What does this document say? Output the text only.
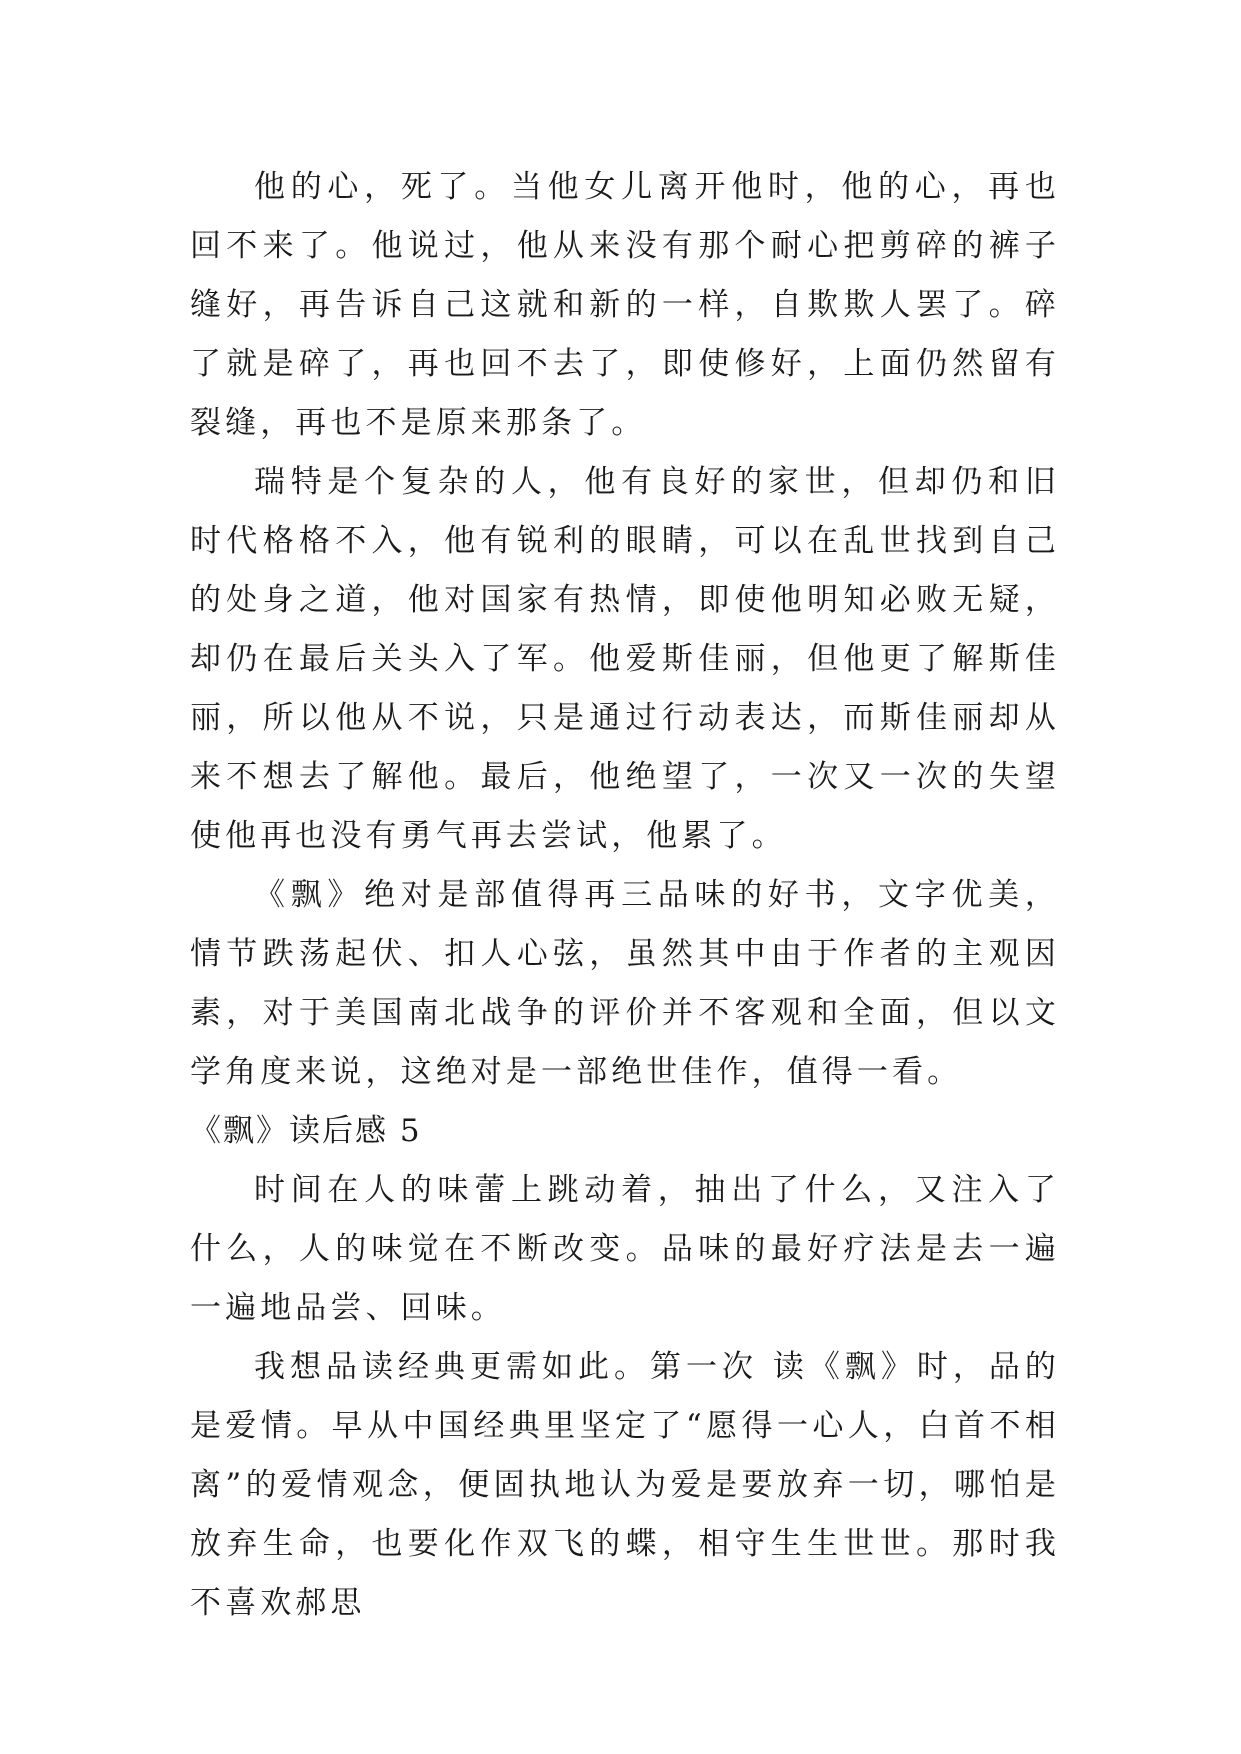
他的心，死了。当他女儿离开他时，他的心，再也回不来了。他说过，他从来没有那个耐心把剪碎的裤子缝好，再告诉自己这就和新的一样，自欺欺人罢了。碎了就是碎了，再也回不去了，即使修好，上面仍然留有裂缝，再也不是原来那条了。

瑞特是个复杂的人，他有良好的家世，但却仍和旧时代格格不入，他有锐利的眼睛，可以在乱世找到自己的处身之道，他对国家有热情，即使他明知必败无疑，却仍在最后关头入了军。他爱斯佳丽，但他更了解斯佳丽，所以他从不说，只是通过行动表达，而斯佳丽却从来不想去了解他。最后，他绝望了，一次又一次的失望使他再也没有勇气再去尝试，他累了。

《飘》绝对是部值得再三品味的好书，文字优美，情节跌荡起伏、扣人心弦，虽然其中由于作者的主观因素，对于美国南北战争的评价并不客观和全面，但以文学角度来说，这绝对是一部绝世佳作，值得一看。

《飘》读后感 5

时间在人的味蕾上跳动着，抽出了什么，又注入了什么，人的味觉在不断改变。品味的最好疗法是去一遍一遍地品尝、回味。

我想品读经典更需如此。第一次 读《飘》时，品的是爱情。早从中国经典里坚定了“愿得一心人，白首不相离”的爱情观念，便固执地认为爱是要放弃一切，哪怕是放弃生命，也要化作双飞的蝶，相守生生世世。那时我不喜欢郝思
